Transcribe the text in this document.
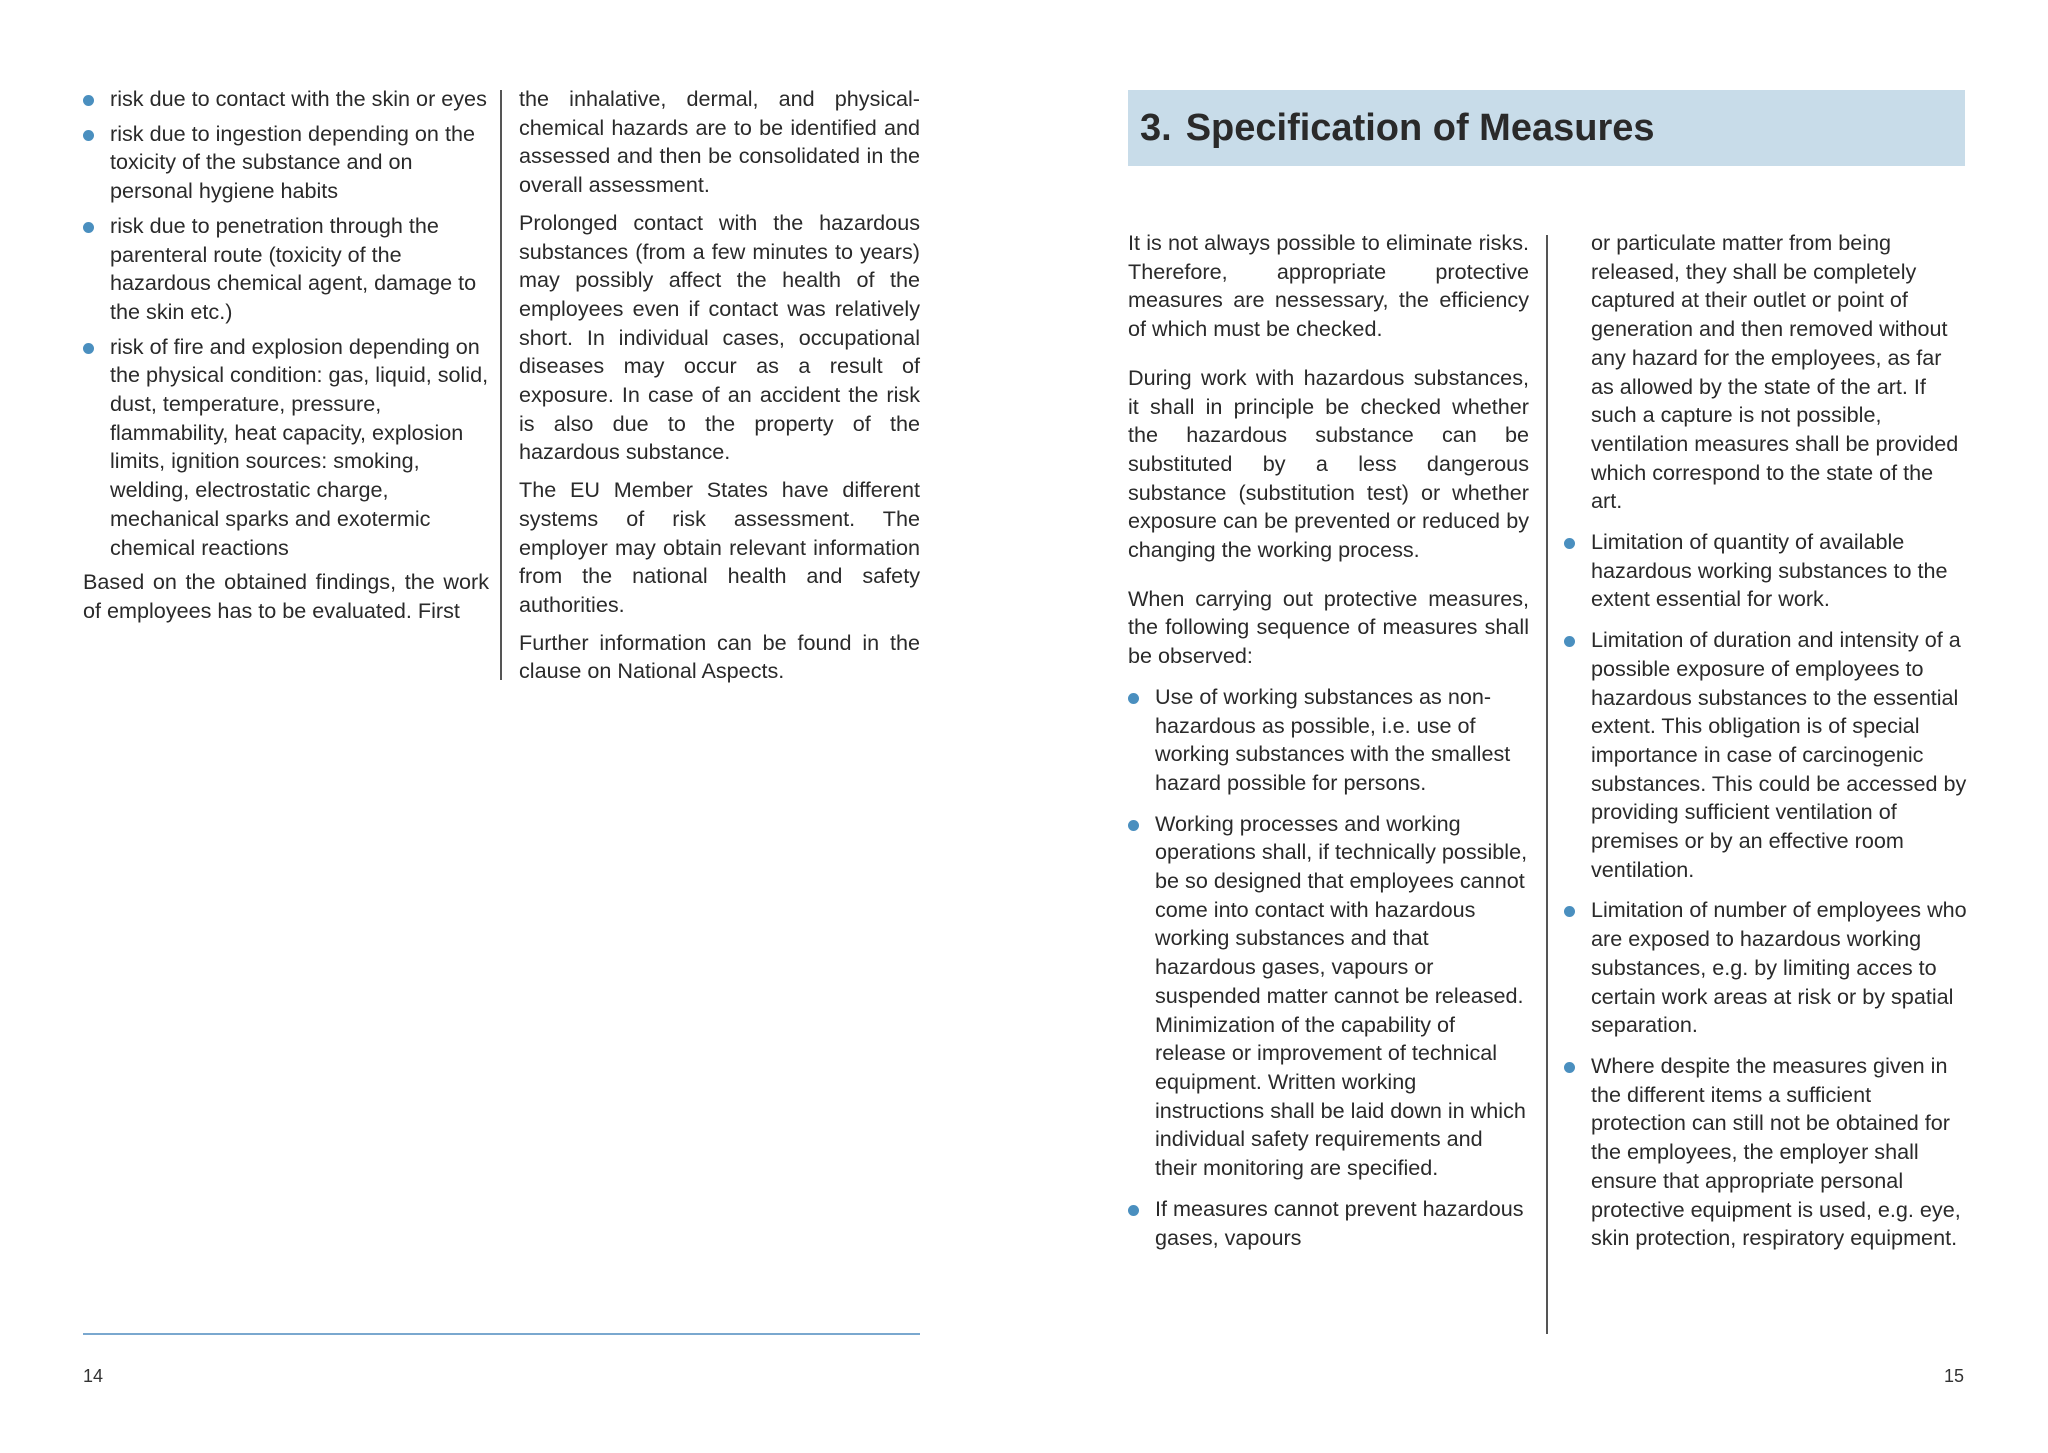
risk due to contact with the skin or eyes
risk due to ingestion depending on the toxicity of the substance and on personal hygiene habits
risk due to penetration through the parenteral route (toxicity of the hazardous chemical agent, damage to the skin etc.)
risk of fire and explosion depending on the physical condition: gas, liquid, solid, dust, temperature, pressure, flammability, heat capacity, explosion limits, ignition sources: smoking, welding, electrostatic charge, mechanical sparks and exotermic chemical reactions

Based on the obtained findings, the work of employees has to be evaluated. First

the inhalative, dermal, and physical-chemical hazards are to be identified and assessed and then be consolidated in the overall assessment.

Prolonged contact with the hazardous substances (from a few minutes to years) may possibly affect the health of the employees even if contact was relatively short. In individual cases, occupational diseases may occur as a result of exposure. In case of an accident the risk is also due to the property of the hazardous substance.

The EU Member States have different systems of risk assessment. The employer may obtain relevant information from the national health and safety authorities.

Further information can be found in the clause on National Aspects.

14
3. Specification of Measures

It is not always possible to eliminate risks. Therefore, appropriate protective measures are nessessary, the efficiency of which must be checked.

During work with hazardous substances, it shall in principle be checked whether the hazardous substance can be substituted by a less dangerous substance (substitution test) or whether exposure can be prevented or reduced by changing the working process.

When carrying out protective measures, the following sequence of measures shall be observed:

Use of working substances as non-hazardous as possible, i.e. use of working substances with the smallest hazard possible for persons.
Working processes and working operations shall, if technically possible, be so designed that employees cannot come into contact with hazardous working substances and that hazardous gases, vapours or suspended matter cannot be released. Minimization of the capability of release or improvement of technical equipment. Written working instructions shall be laid down in which individual safety requirements and their monitoring are specified.
If measures cannot prevent hazardous gases, vapours

or particulate matter from being released, they shall be completely captured at their outlet or point of generation and then removed without any hazard for the employees, as far as allowed by the state of the art. If such a capture is not possible, ventilation measures shall be provided which correspond to the state of the art.

Limitation of quantity of available hazardous working substances to the extent essential for work.
Limitation of duration and intensity of a possible exposure of employees to hazardous substances to the essential extent. This obligation is of special importance in case of carcinogenic substances. This could be accessed by providing sufficient ventilation of premises or by an effective room ventilation.
Limitation of number of employees who are exposed to hazardous working substances, e.g. by limiting acces to certain work areas at risk or by spatial separation.
Where despite the measures given in the different items a sufficient protection can still not be obtained for the employees, the employer shall ensure that appropriate personal protective equipment is used, e.g. eye, skin protection, respiratory equipment.
15
